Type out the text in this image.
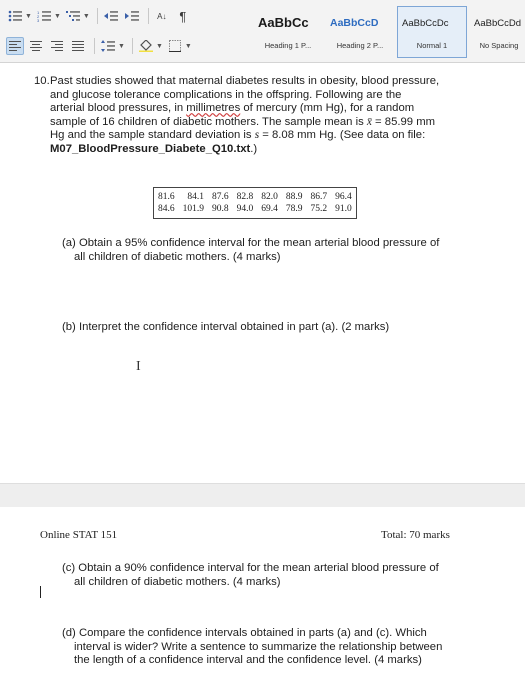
▼ 1
2
3
▼	▼	A↓ ¶
▼	▼	▼
AaBbCc
Heading 1 P...
AaBbCcD
Heading 2 P...
AaBbCcDc
Normal 1
AaBbCcDd
No Spacing
10. Past studies showed that maternal diabetes results in obesity, blood pressure,
and glucose tolerance complications in the offspring. Following are the
arterial blood pressures, in millimetres of mercury (mm Hg), for a random
sample of 16 children of diabetic mothers. The sample mean is x̄ = 85.99 mm
Hg and the sample standard deviation is s = 8.08 mm Hg. (See data on file:
M07_BloodPressure_Diabete_Q10.txt.)
81.6	84.1	87.6	82.8	82.0	88.9	86.7	96.4
84.6	101.9	90.8	94.0	69.4	78.9	75.2	91.0
(a) Obtain a 95% confidence interval for the mean arterial blood pressure of
all children of diabetic mothers. (4 marks)
(b) Interpret the confidence interval obtained in part (a). (2 marks)
I
Online STAT 151	Total: 70 marks
(c) Obtain a 90% confidence interval for the mean arterial blood pressure of
all children of diabetic mothers. (4 marks)
(d) Compare the confidence intervals obtained in parts (a) and (c). Which
interval is wider? Write a sentence to summarize the relationship between
the length of a confidence interval and the confidence level. (4 marks)
